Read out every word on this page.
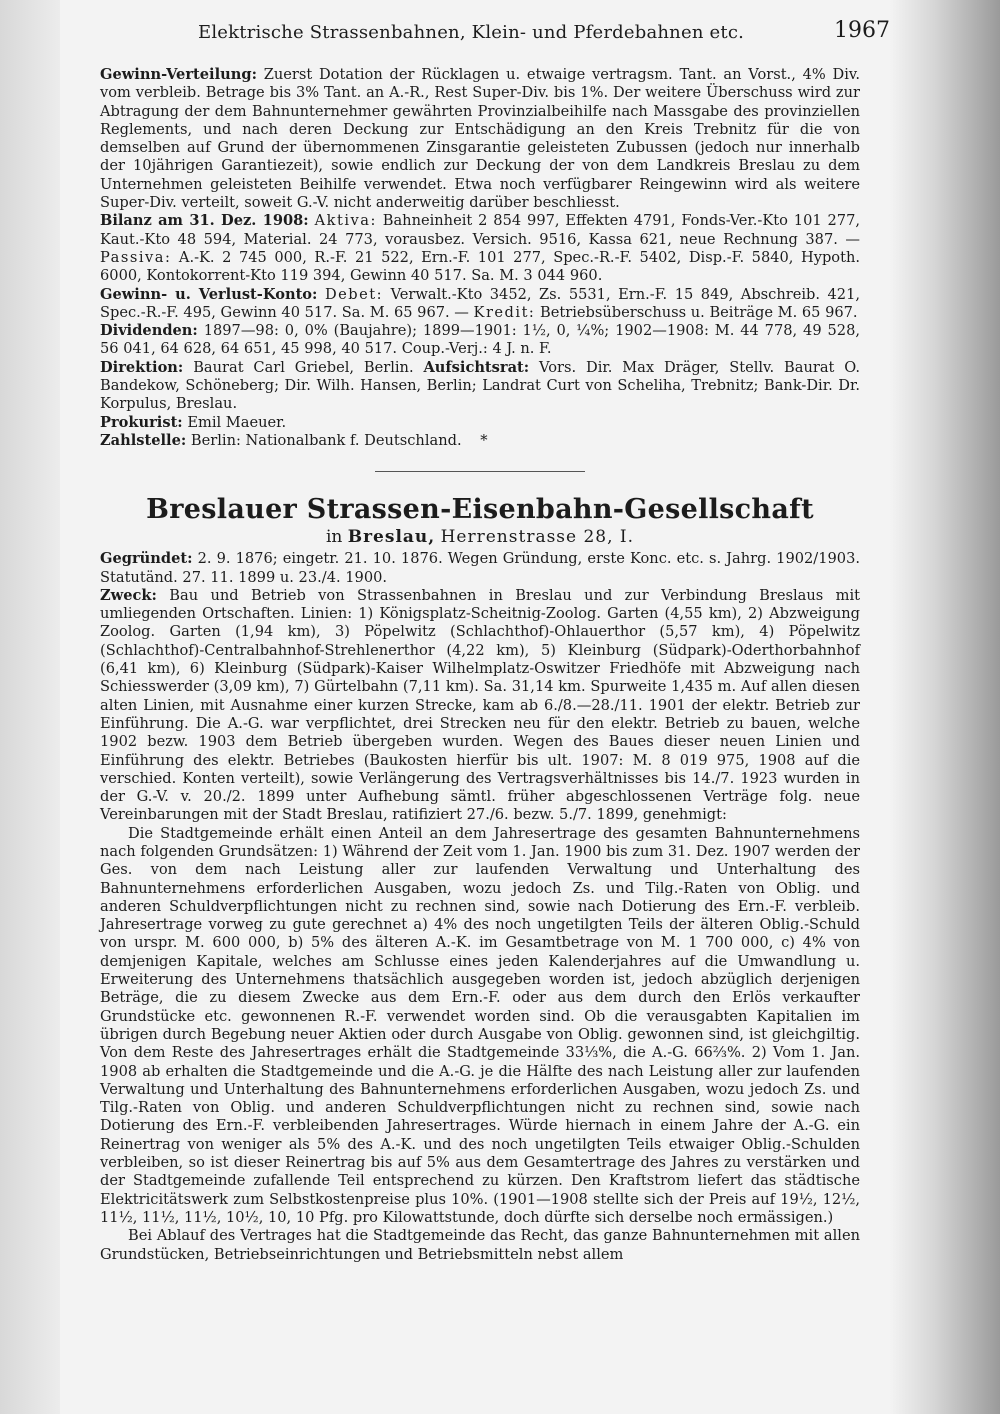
Elektrische Strassenbahnen, Klein- und Pferdebahnen etc.	1967

Gewinn-Verteilung: Zuerst Dotation der Rücklagen u. etwaige vertragsm. Tant. an Vorst., 4% Div. vom verbleib. Betrage bis 3% Tant. an A.-R., Rest Super-Div. bis 1%. Der weitere Überschuss wird zur Abtragung der dem Bahnunternehmer gewährten Provinzialbeihilfe nach Massgabe des provinziellen Reglements, und nach deren Deckung zur Entschädigung an den Kreis Trebnitz für die von demselben auf Grund der übernommenen Zinsgarantie geleisteten Zubussen (jedoch nur innerhalb der 10jährigen Garantiezeit), sowie endlich zur Deckung der von dem Landkreis Breslau zu dem Unternehmen geleisteten Beihilfe verwendet. Etwa noch verfügbarer Reingewinn wird als weitere Super-Div. verteilt, soweit G.-V. nicht anderweitig darüber beschliesst.

Bilanz am 31. Dez. 1908: Aktiva: Bahneinheit 2 854 997, Effekten 4791, Fonds-Ver.-Kto 101 277, Kaut.-Kto 48 594, Material. 24 773, vorausbez. Versich. 9516, Kassa 621, neue Rechnung 387. — Passiva: A.-K. 2 745 000, R.-F. 21 522, Ern.-F. 101 277, Spec.-R.-F. 5402, Disp.-F. 5840, Hypoth. 6000, Kontokorrent-Kto 119 394, Gewinn 40 517. Sa. M. 3 044 960.

Gewinn- u. Verlust-Konto: Debet: Verwalt.-Kto 3452, Zs. 5531, Ern.-F. 15 849, Abschreib. 421, Spec.-R.-F. 495, Gewinn 40 517. Sa. M. 65 967. — Kredit: Betriebsüberschuss u. Beiträge M. 65 967.

Dividenden: 1897—98: 0, 0% (Baujahre); 1899—1901: 1½, 0, ¼%; 1902—1908: M. 44 778, 49 528, 56 041, 64 628, 64 651, 45 998, 40 517. Coup.-Verj.: 4 J. n. F.

Direktion: Baurat Carl Griebel, Berlin. Aufsichtsrat: Vors. Dir. Max Dräger, Stellv. Baurat O. Bandekow, Schöneberg; Dir. Wilh. Hansen, Berlin; Landrat Curt von Scheliha, Trebnitz; Bank-Dir. Dr. Korpulus, Breslau.

Prokurist: Emil Maeuer.

Zahlstelle: Berlin: Nationalbank f. Deutschland. *

Breslauer Strassen-Eisenbahn-Gesellschaft
in Breslau, Herrenstrasse 28, I.

Gegründet: 2. 9. 1876; eingetr. 21. 10. 1876. Wegen Gründung, erste Konc. etc. s. Jahrg. 1902/1903. Statutänd. 27. 11. 1899 u. 23./4. 1900.

Zweck: Bau und Betrieb von Strassenbahnen in Breslau und zur Verbindung Breslaus mit umliegenden Ortschaften. Linien: 1) Königsplatz-Scheitnig-Zoolog. Garten (4,55 km), 2) Abzweigung Zoolog. Garten (1,94 km), 3) Pöpelwitz (Schlachthof)-Ohlauerthor (5,57 km), 4) Pöpelwitz (Schlachthof)-Centralbahnhof-Strehlenerthor (4,22 km), 5) Kleinburg (Südpark)-Oderthorbahnhof (6,41 km), 6) Kleinburg (Südpark)-Kaiser Wilhelmplatz-Oswitzer Friedhöfe mit Abzweigung nach Schiesswerder (3,09 km), 7) Gürtelbahn (7,11 km). Sa. 31,14 km. Spurweite 1,435 m. Auf allen diesen alten Linien, mit Ausnahme einer kurzen Strecke, kam ab 6./8.—28./11. 1901 der elektr. Betrieb zur Einführung. Die A.-G. war verpflichtet, drei Strecken neu für den elektr. Betrieb zu bauen, welche 1902 bezw. 1903 dem Betrieb übergeben wurden. Wegen des Baues dieser neuen Linien und Einführung des elektr. Betriebes (Baukosten hierfür bis ult. 1907: M. 8 019 975, 1908 auf die verschied. Konten verteilt), sowie Verlängerung des Vertragsverhältnisses bis 14./7. 1923 wurden in der G.-V. v. 20./2. 1899 unter Aufhebung sämtl. früher abgeschlossenen Verträge folg. neue Vereinbarungen mit der Stadt Breslau, ratifiziert 27./6. bezw. 5./7. 1899, genehmigt:

Die Stadtgemeinde erhält einen Anteil an dem Jahresertrage des gesamten Bahnunternehmens nach folgenden Grundsätzen: 1) Während der Zeit vom 1. Jan. 1900 bis zum 31. Dez. 1907 werden der Ges. von dem nach Leistung aller zur laufenden Verwaltung und Unterhaltung des Bahnunternehmens erforderlichen Ausgaben, wozu jedoch Zs. und Tilg.-Raten von Oblig. und anderen Schuldverpflichtungen nicht zu rechnen sind, sowie nach Dotierung des Ern.-F. verbleib. Jahresertrage vorweg zu gute gerechnet a) 4% des noch ungetilgten Teils der älteren Oblig.-Schuld von urspr. M. 600 000, b) 5% des älteren A.-K. im Gesamtbetrage von M. 1 700 000, c) 4% von demjenigen Kapitale, welches am Schlusse eines jeden Kalenderjahres auf die Umwandlung u. Erweiterung des Unternehmens thatsächlich ausgegeben worden ist, jedoch abzüglich derjenigen Beträge, die zu diesem Zwecke aus dem Ern.-F. oder aus dem durch den Erlös verkaufter Grundstücke etc. gewonnenen R.-F. verwendet worden sind. Ob die verausgabten Kapitalien im übrigen durch Begebung neuer Aktien oder durch Ausgabe von Oblig. gewonnen sind, ist gleichgiltig. Von dem Reste des Jahresertrages erhält die Stadtgemeinde 33⅓%, die A.-G. 66⅔%. 2) Vom 1. Jan. 1908 ab erhalten die Stadtgemeinde und die A.-G. je die Hälfte des nach Leistung aller zur laufenden Verwaltung und Unterhaltung des Bahnunternehmens erforderlichen Ausgaben, wozu jedoch Zs. und Tilg.-Raten von Oblig. und anderen Schuldverpflichtungen nicht zu rechnen sind, sowie nach Dotierung des Ern.-F. verbleibenden Jahresertrages. Würde hiernach in einem Jahre der A.-G. ein Reinertrag von weniger als 5% des A.-K. und des noch ungetilgten Teils etwaiger Oblig.-Schulden verbleiben, so ist dieser Reinertrag bis auf 5% aus dem Gesamtertrage des Jahres zu verstärken und der Stadtgemeinde zufallende Teil entsprechend zu kürzen. Den Kraftstrom liefert das städtische Elektricitätswerk zum Selbstkostenpreise plus 10%. (1901—1908 stellte sich der Preis auf 19½, 12½, 11½, 11½, 11½, 10½, 10, 10 Pfg. pro Kilowattstunde, doch dürfte sich derselbe noch ermässigen.)

Bei Ablauf des Vertrages hat die Stadtgemeinde das Recht, das ganze Bahnunternehmen mit allen Grundstücken, Betriebseinrichtungen und Betriebsmitteln nebst allem
